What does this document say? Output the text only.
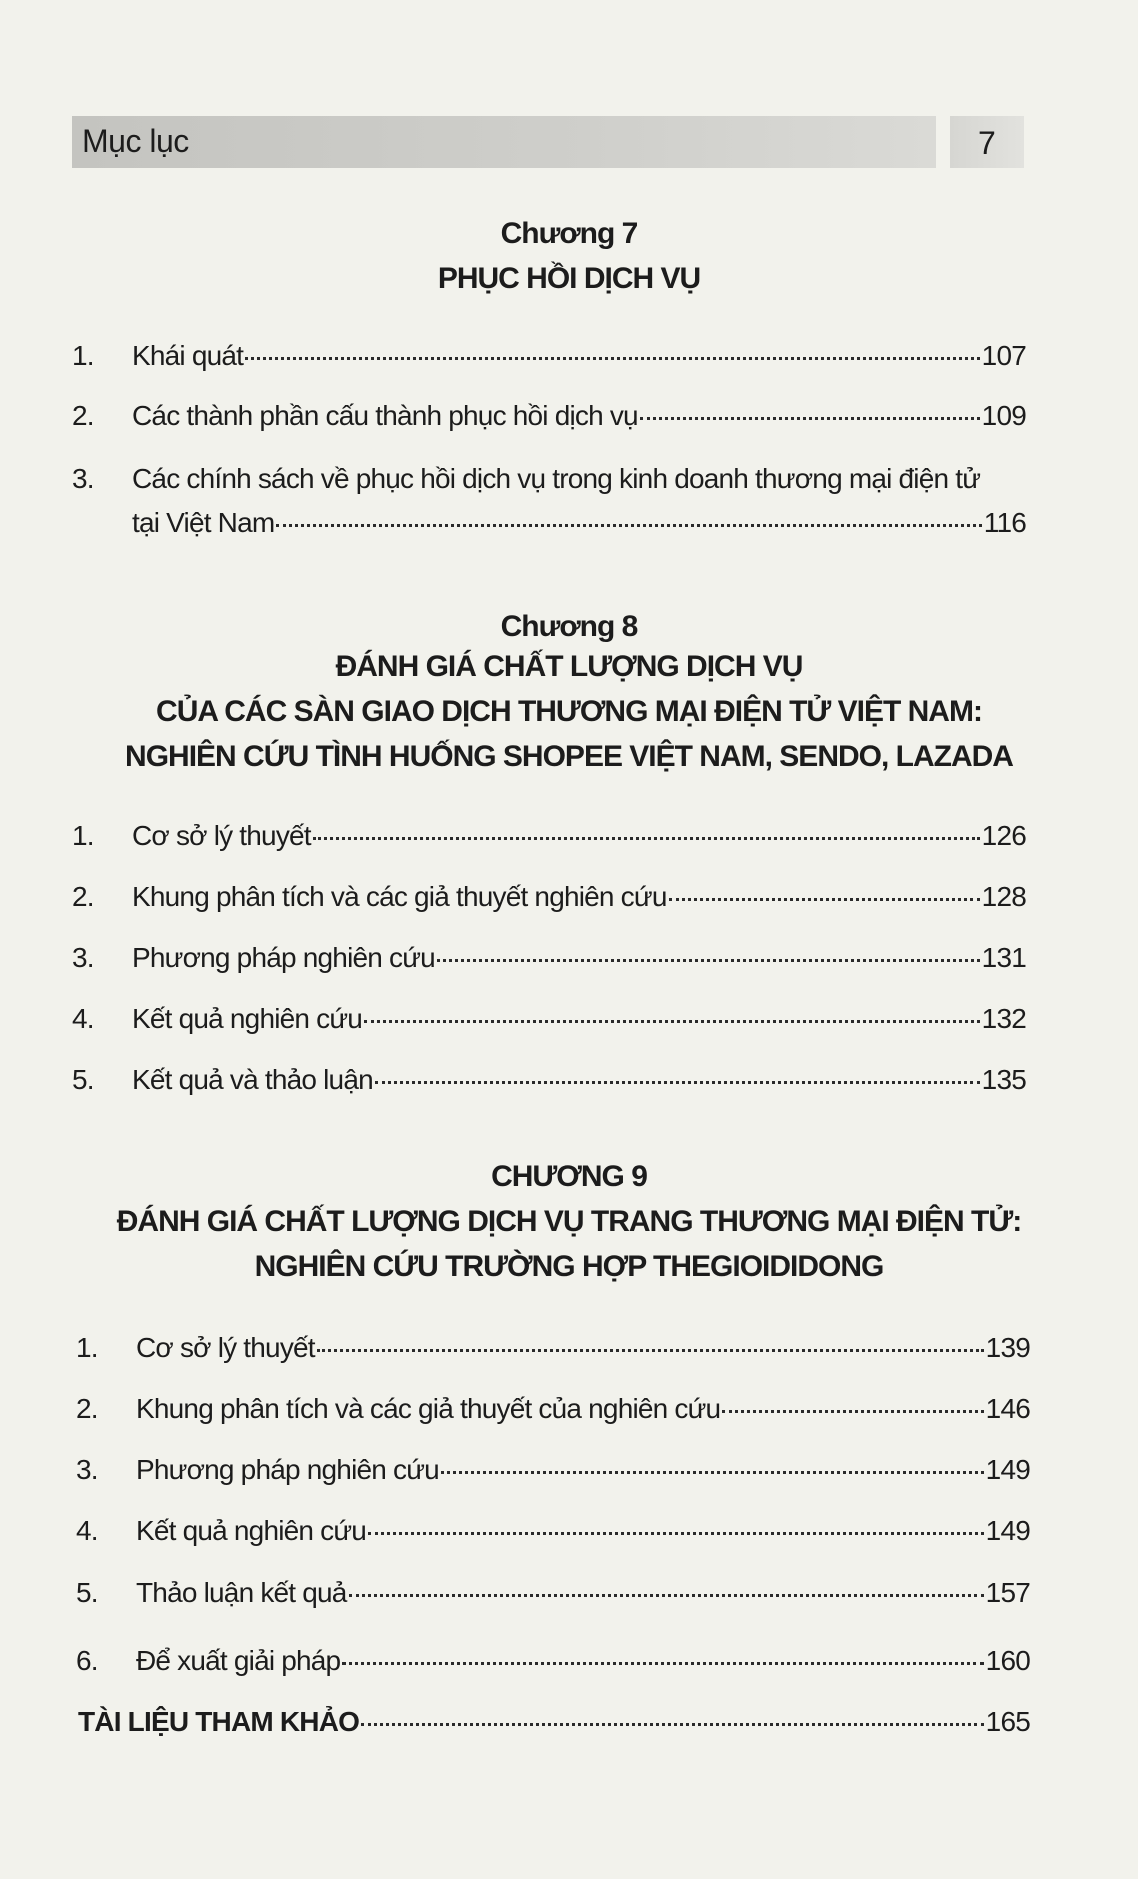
Mục lục	7
Chương 7
PHỤC HỒI DỊCH VỤ
1.	Khái quát	107
2.	Các thành phần cấu thành phục hồi dịch vụ	109
3. Các chính sách về phục hồi dịch vụ trong kinh doanh thương mại điện tử
tại Việt Nam	116
Chương 8
ĐÁNH GIÁ CHẤT LƯỢNG DỊCH VỤ
CỦA CÁC SÀN GIAO DỊCH THƯƠNG MẠI ĐIỆN TỬ VIỆT NAM:
NGHIÊN CỨU TÌNH HUỐNG SHOPEE VIỆT NAM, SENDO, LAZADA
1.	Cơ sở lý thuyết	126
2.	Khung phân tích và các giả thuyết nghiên cứu	128
3.	Phương pháp nghiên cứu	131
4.	Kết quả nghiên cứu	132
5.	Kết quả và thảo luận	135
CHƯƠNG 9
ĐÁNH GIÁ CHẤT LƯỢNG DỊCH VỤ TRANG THƯƠNG MẠI ĐIỆN TỬ:
NGHIÊN CỨU TRƯỜNG HỢP THEGIOIDIDONG
1.	Cơ sở lý thuyết	139
2.	Khung phân tích và các giả thuyết của nghiên cứu	146
3.	Phương pháp nghiên cứu	149
4.	Kết quả nghiên cứu	149
5.	Thảo luận kết quả	157
6.	Để xuất giải pháp	160
TÀI LIỆU THAM KHẢO	165
